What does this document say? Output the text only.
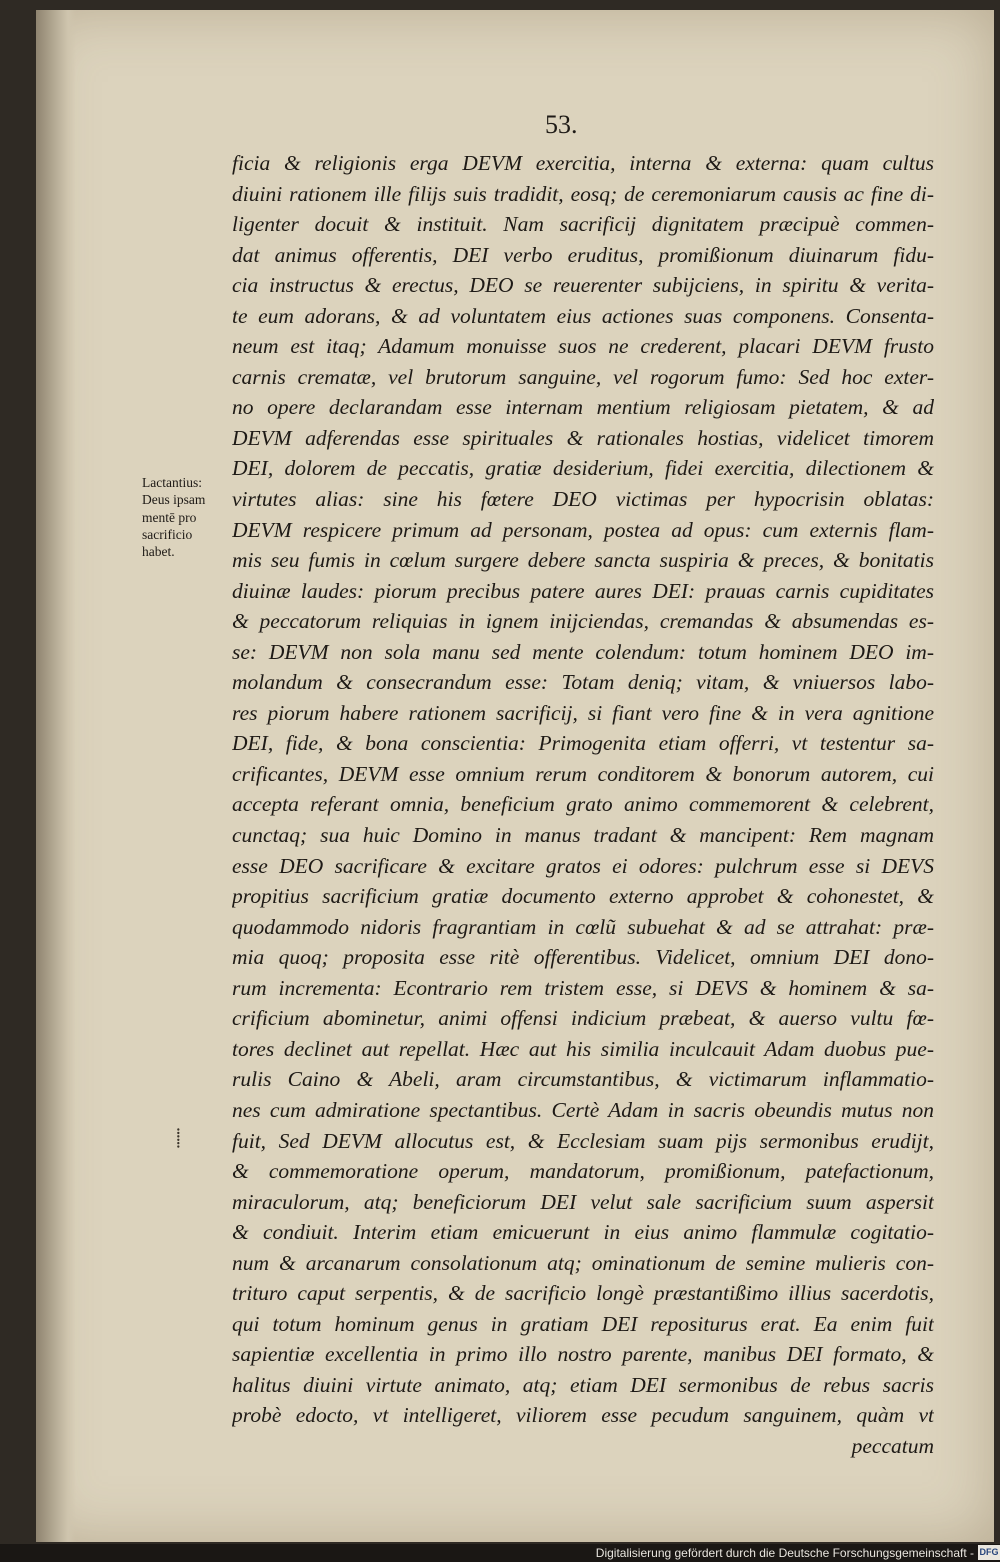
53.
Lactantius:
Deus ipsam
mentē pro
sacrificio
habet.
⸽
ficia & religionis erga DEVM exercitia, interna & externa: quam cultus
diuini rationem ille filijs suis tradidit, eosq; de ceremoniarum causis ac fine di-
ligenter docuit & instituit. Nam sacrificij dignitatem præcipuè commen-
dat animus offerentis, DEI verbo eruditus, promißionum diuinarum fidu-
cia instructus & erectus, DEO se reuerenter subijciens, in spiritu & verita-
te eum adorans, & ad voluntatem eius actiones suas componens. Consenta-
neum est itaq; Adamum monuisse suos ne crederent, placari DEVM frusto
carnis crematæ, vel brutorum sanguine, vel rogorum fumo: Sed hoc exter-
no opere declarandam esse internam mentium religiosam pietatem, & ad
DEVM adferendas esse spirituales & rationales hostias, videlicet timorem
DEI, dolorem de peccatis, gratiæ desiderium, fidei exercitia, dilectionem &
virtutes alias: sine his fœtere DEO victimas per hypocrisin oblatas:
DEVM respicere primum ad personam, postea ad opus: cum externis flam-
mis seu fumis in cœlum surgere debere sancta suspiria & preces, & bonitatis
diuinæ laudes: piorum precibus patere aures DEI: prauas carnis cupiditates
& peccatorum reliquias in ignem inijciendas, cremandas & absumendas es-
se: DEVM non sola manu sed mente colendum: totum hominem DEO im-
molandum & consecrandum esse: Totam deniq; vitam, & vniuersos labo-
res piorum habere rationem sacrificij, si fiant vero fine & in vera agnitione
DEI, fide, & bona conscientia: Primogenita etiam offerri, vt testentur sa-
crificantes, DEVM esse omnium rerum conditorem & bonorum autorem, cui
accepta referant omnia, beneficium grato animo commemorent & celebrent,
cunctaq; sua huic Domino in manus tradant & mancipent: Rem magnam
esse DEO sacrificare & excitare gratos ei odores: pulchrum esse si DEVS
propitius sacrificium gratiæ documento externo approbet & cohonestet, &
quodammodo nidoris fragrantiam in cœlũ subuehat & ad se attrahat: præ-
mia quoq; proposita esse ritè offerentibus. Videlicet, omnium DEI dono-
rum incrementa: Econtrario rem tristem esse, si DEVS & hominem & sa-
crificium abominetur, animi offensi indicium præbeat, & auerso vultu fœ-
tores declinet aut repellat. Hæc aut his similia inculcauit Adam duobus pue-
rulis Caino & Abeli, aram circumstantibus, & victimarum inflammatio-
nes cum admiratione spectantibus. Certè Adam in sacris obeundis mutus non
fuit, Sed DEVM allocutus est, & Ecclesiam suam pijs sermonibus erudijt,
& commemoratione operum, mandatorum, promißionum, patefactionum,
miraculorum, atq; beneficiorum DEI velut sale sacrificium suum aspersit
& condiuit. Interim etiam emicuerunt in eius animo flammulæ cogitatio-
num & arcanarum consolationum atq; ominationum de semine mulieris con-
trituro caput serpentis, & de sacrificio longè præstantißimo illius sacerdotis,
qui totum hominum genus in gratiam DEI repositurus erat. Ea enim fuit
sapientiæ excellentia in primo illo nostro parente, manibus DEI formato, &
halitus diuini virtute animato, atq; etiam DEI sermonibus de rebus sacris
probè edocto, vt intelligeret, viliorem esse pecudum sanguinem, quàm vt
peccatum
Digitalisierung gefördert durch die Deutsche Forschungsgemeinschaft - DFG
